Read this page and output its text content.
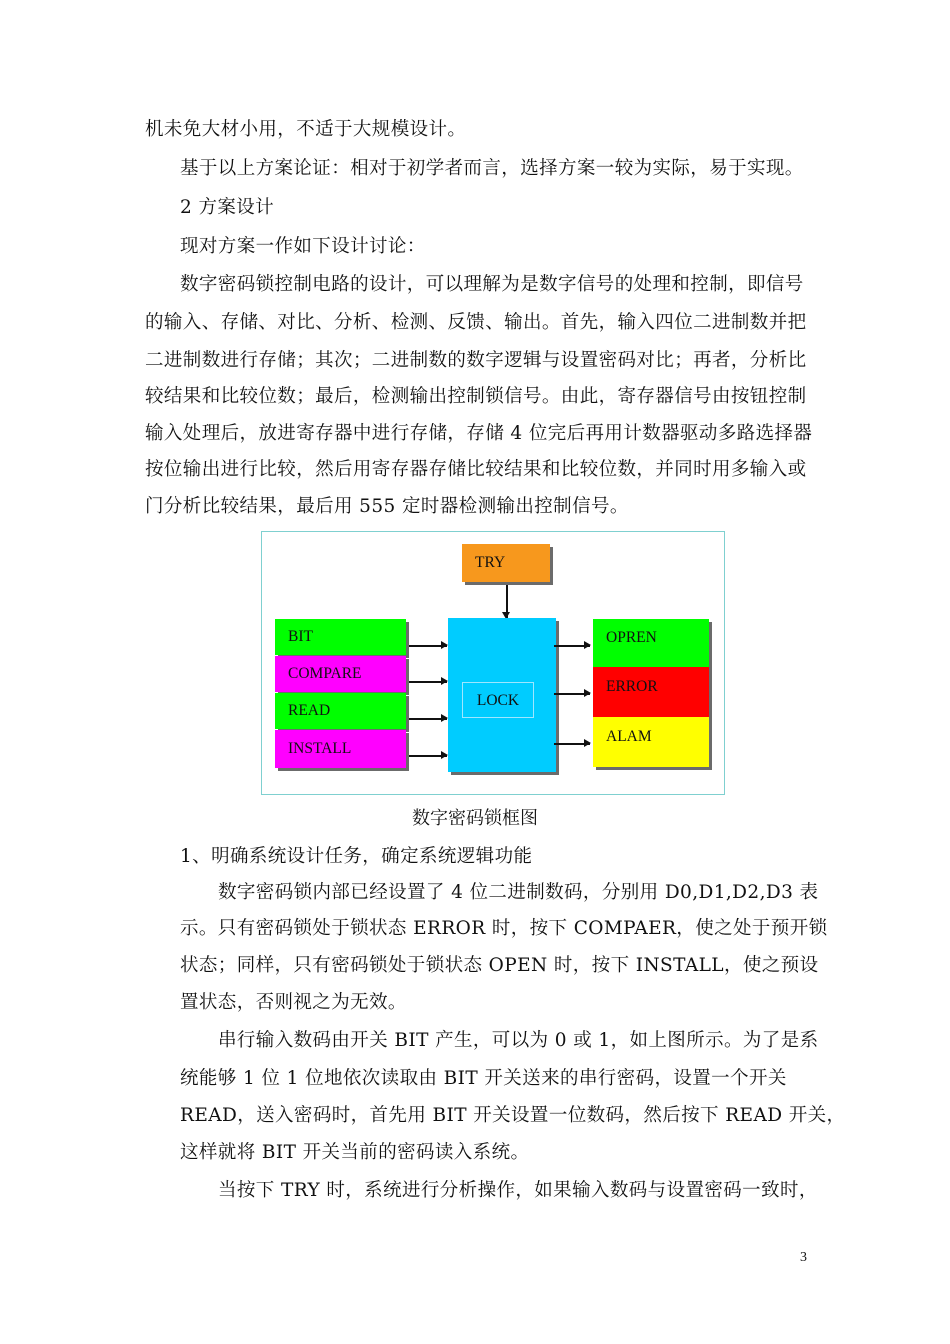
机未免大材小用，不适于大规模设计。
基于以上方案论证：相对于初学者而言，选择方案一较为实际，易于实现。
2 方案设计
现对方案一作如下设计讨论：
数字密码锁控制电路的设计，可以理解为是数字信号的处理和控制，即信号
的输入、存储、对比、分析、检测、反馈、输出。首先，输入四位二进制数并把
二进制数进行存储；其次；二进制数的数字逻辑与设置密码对比；再者，分析比
较结果和比较位数；最后，检测输出控制锁信号。由此，寄存器信号由按钮控制
输入处理后，放进寄存器中进行存储，存储 4 位完后再用计数器驱动多路选择器
按位输出进行比较，然后用寄存器存储比较结果和比较位数，并同时用多输入或
门分析比较结果，最后用 555 定时器检测输出控制信号。
TRY
LOCK
BIT
COMPARE
READ
INSTALL
OPREN
ERROR
ALAM
数字密码锁框图
1、明确系统设计任务，确定系统逻辑功能
数字密码锁内部已经设置了 4 位二进制数码，分别用 D0,D1,D2,D3 表
示。只有密码锁处于锁状态 ERROR 时，按下 COMPAER，使之处于预开锁
状态；同样，只有密码锁处于锁状态 OPEN 时，按下 INSTALL，使之预设
置状态，否则视之为无效。
串行输入数码由开关 BIT 产生，可以为 0 或 1，如上图所示。为了是系
统能够 1 位 1 位地依次读取由 BIT 开关送来的串行密码，设置一个开关
READ，送入密码时，首先用 BIT 开关设置一位数码，然后按下 READ 开关，
这样就将 BIT 开关当前的密码读入系统。
当按下 TRY 时，系统进行分析操作，如果输入数码与设置密码一致时，
3
